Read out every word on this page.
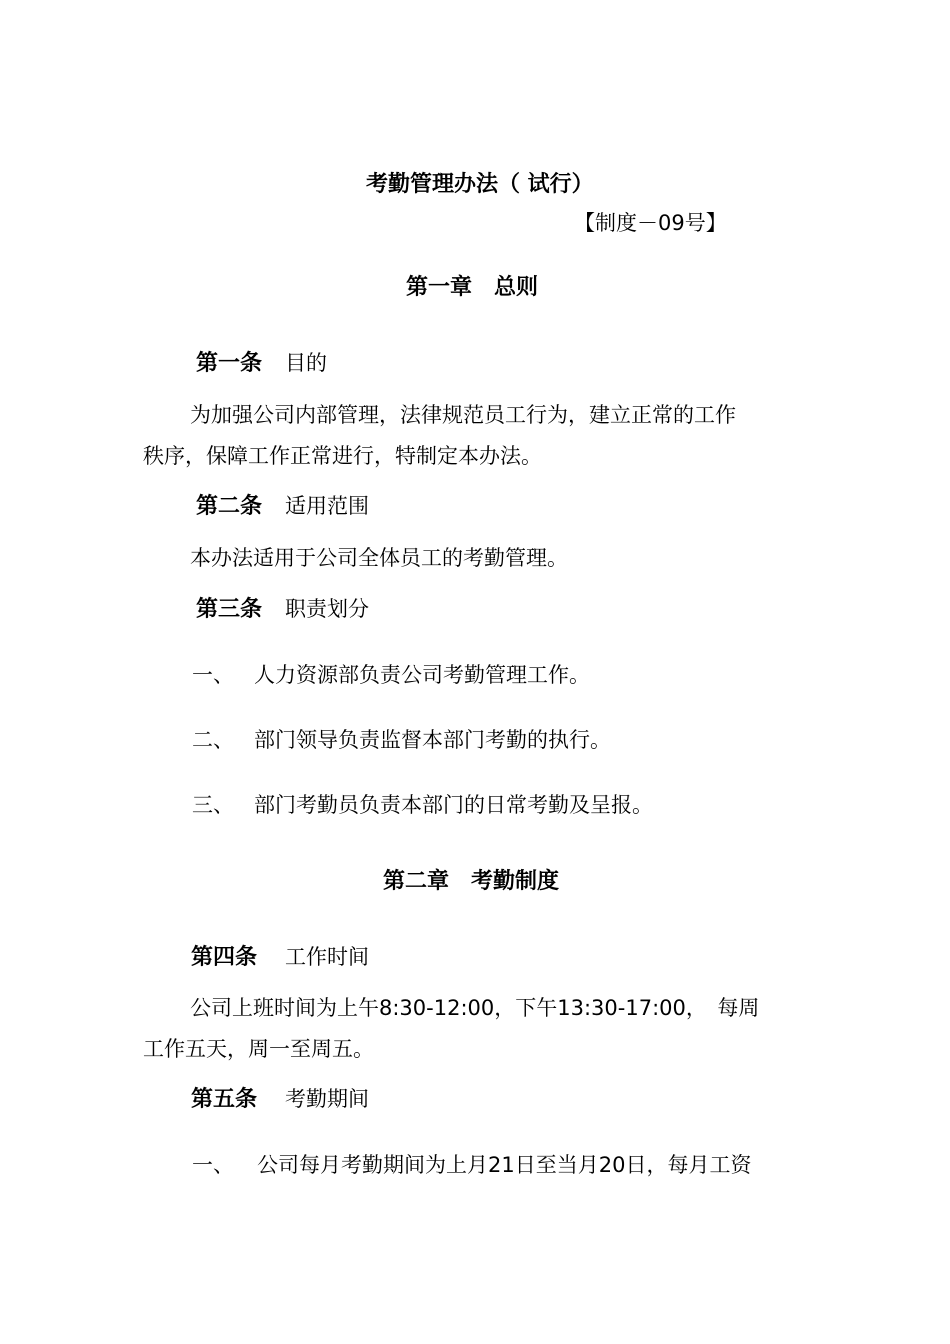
考勤管理办法（ 试行）
【制度－09号】
第一章　总则
第一条 目的
为加强公司内部管理，法律规范员工行为，建立正常的工作
秩序，保障工作正常进行，特制定本办法。
第二条 适用范围
本办法适用于公司全体员工的考勤管理。
第三条 职责划分
一、 人力资源部负责公司考勤管理工作。
二、 部门领导负责监督本部门考勤的执行。
三、 部门考勤员负责本部门的日常考勤及呈报。
第二章　考勤制度
第四条 工作时间
公司上班时间为上午8:30-12:00，下午13:30-17:00，　每周
工作五天，周一至周五。
第五条 考勤期间
一、 公司每月考勤期间为上月21日至当月20日，每月工资
